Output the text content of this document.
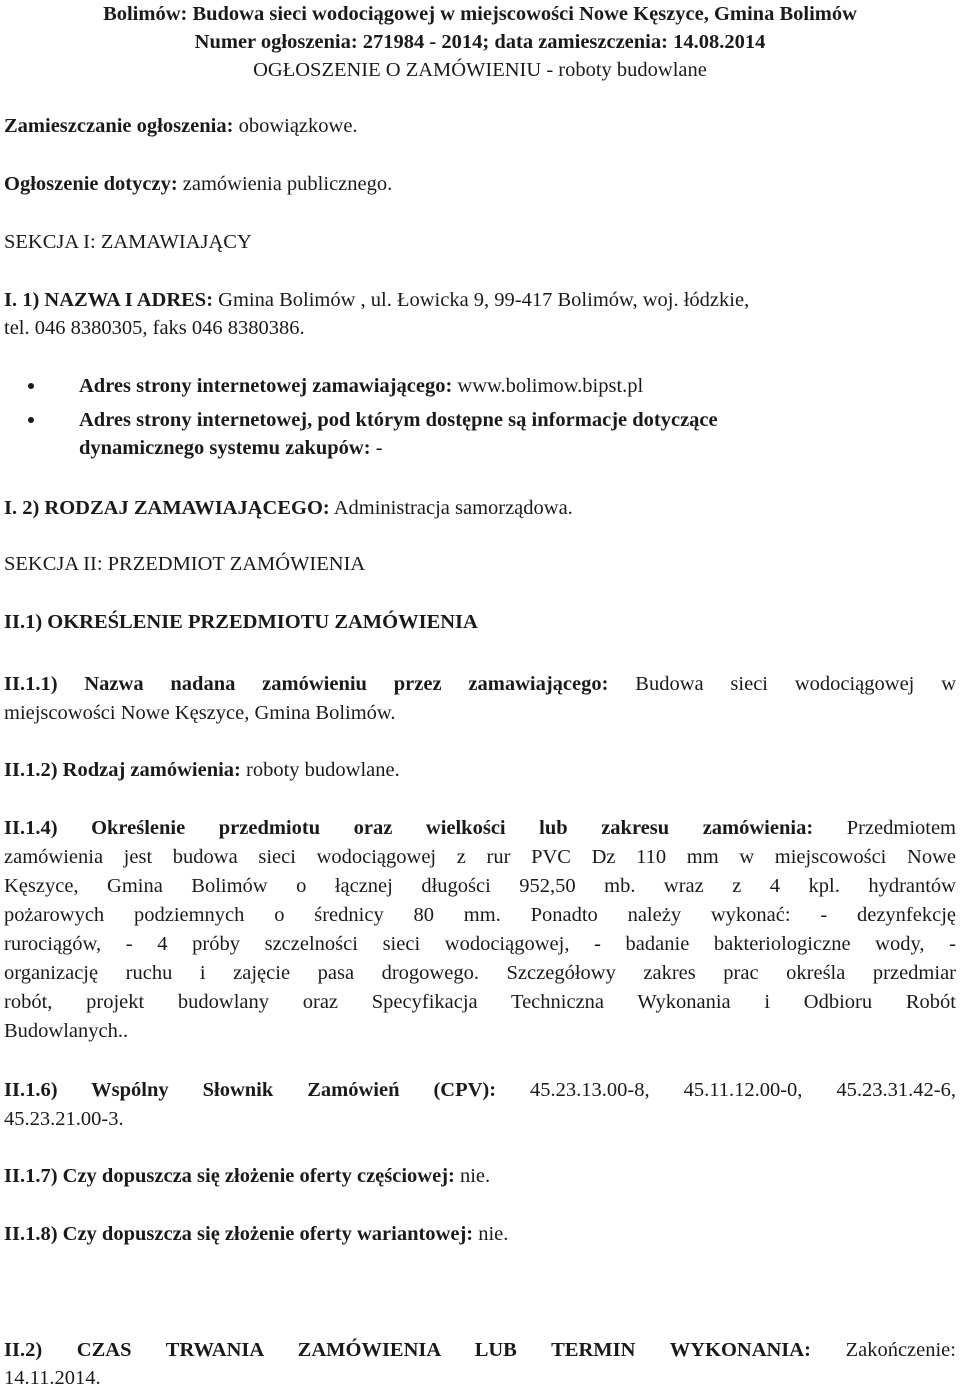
Bolimów: Budowa sieci wodociągowej w miejscowości Nowe Kęszyce, Gmina Bolimów
Numer ogłoszenia: 271984 - 2014; data zamieszczenia: 14.08.2014
OGŁOSZENIE O ZAMÓWIENIU - roboty budowlane
Zamieszczanie ogłoszenia: obowiązkowe.
Ogłoszenie dotyczy: zamówienia publicznego.
SEKCJA I: ZAMAWIAJĄCY
I. 1) NAZWA I ADRES: Gmina Bolimów , ul. Łowicka 9, 99-417 Bolimów, woj. łódzkie,
tel. 046 8380305, faks 046 8380386.
Adres strony internetowej zamawiającego: www.bolimow.bipst.pl
Adres strony internetowej, pod którym dostępne są informacje dotyczące
dynamicznego systemu zakupów: -
I. 2) RODZAJ ZAMAWIAJĄCEGO: Administracja samorządowa.
SEKCJA II: PRZEDMIOT ZAMÓWIENIA
II.1) OKREŚLENIE PRZEDMIOTU ZAMÓWIENIA
II.1.1) Nazwa nadana zamówieniu przez zamawiającego: Budowa sieci wodociągowej w
miejscowości Nowe Kęszyce, Gmina Bolimów.
II.1.2) Rodzaj zamówienia: roboty budowlane.
II.1.4) Określenie przedmiotu oraz wielkości lub zakresu zamówienia: Przedmiotem
zamówienia jest budowa sieci wodociągowej z rur PVC Dz 110 mm w miejscowości Nowe
Kęszyce, Gmina Bolimów o łącznej długości 952,50 mb. wraz z 4 kpl. hydrantów
pożarowych podziemnych o średnicy 80 mm. Ponadto należy wykonać: - dezynfekcję
rurociągów, - 4 próby szczelności sieci wodociągowej, - badanie bakteriologiczne wody, -
organizację ruchu i zajęcie pasa drogowego. Szczegółowy zakres prac określa przedmiar
robót, projekt budowlany oraz Specyfikacja Techniczna Wykonania i Odbioru Robót
Budowlanych..
II.1.6) Wspólny Słownik Zamówień (CPV): 45.23.13.00-8, 45.11.12.00-0, 45.23.31.42-6,
45.23.21.00-3.
II.1.7) Czy dopuszcza się złożenie oferty częściowej: nie.
II.1.8) Czy dopuszcza się złożenie oferty wariantowej: nie.
II.2) CZAS TRWANIA ZAMÓWIENIA LUB TERMIN WYKONANIA: Zakończenie:
14.11.2014.
